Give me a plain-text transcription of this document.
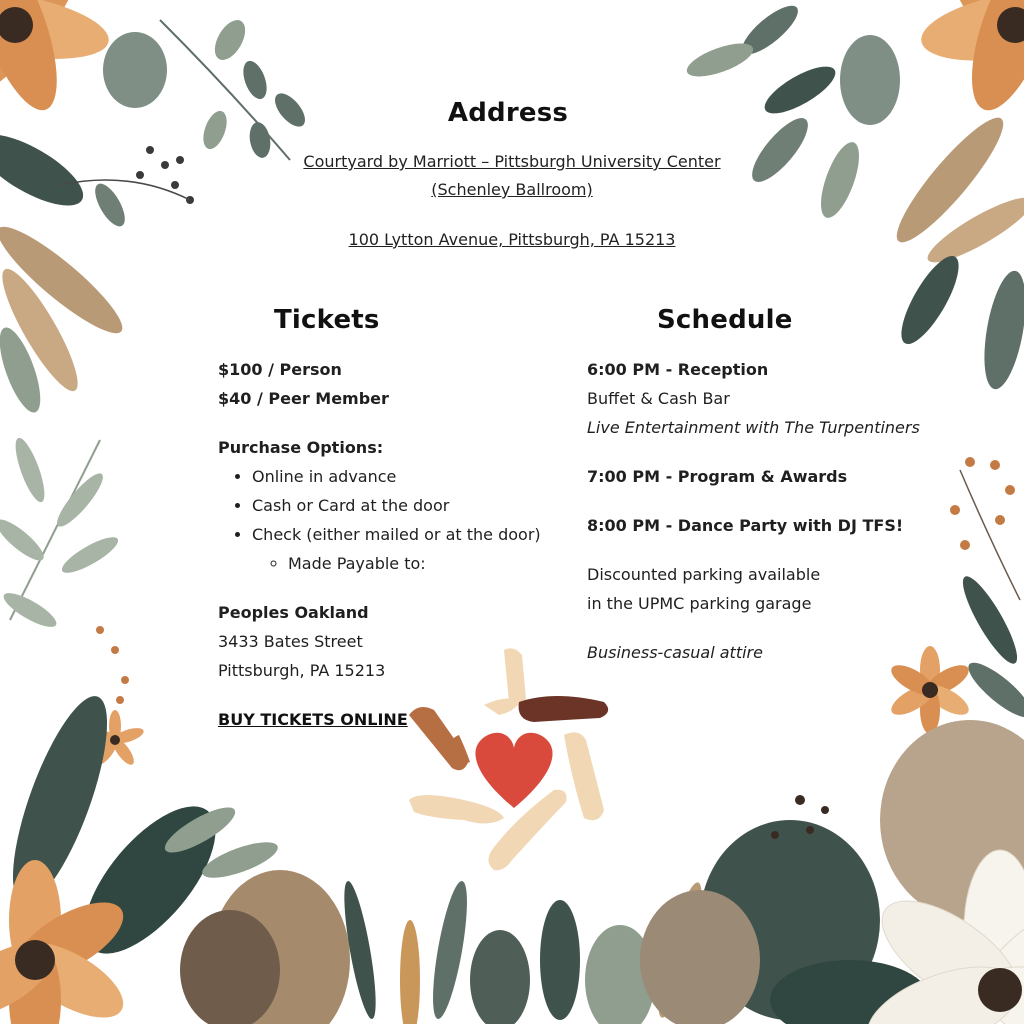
Address
Courtyard by Marriott – Pittsburgh University Center
(Schenley Ballroom)
100 Lytton Avenue, Pittsburgh, PA 15213
Tickets	Schedule
$100 / Person
$40 / Peer Member
Purchase Options:
• Online in advance
• Cash or Card at the door
• Check (either mailed or at the door)
◦ Made Payable to:
Peoples Oakland
3433 Bates Street
Pittsburgh, PA 15213
BUY TICKETS ONLINE
6:00 PM - Reception
Buffet & Cash Bar
Live Entertainment with The Turpentiners
7:00 PM - Program & Awards
8:00 PM - Dance Party with DJ TFS!
Discounted parking available
in the UPMC parking garage
Business-casual attire
